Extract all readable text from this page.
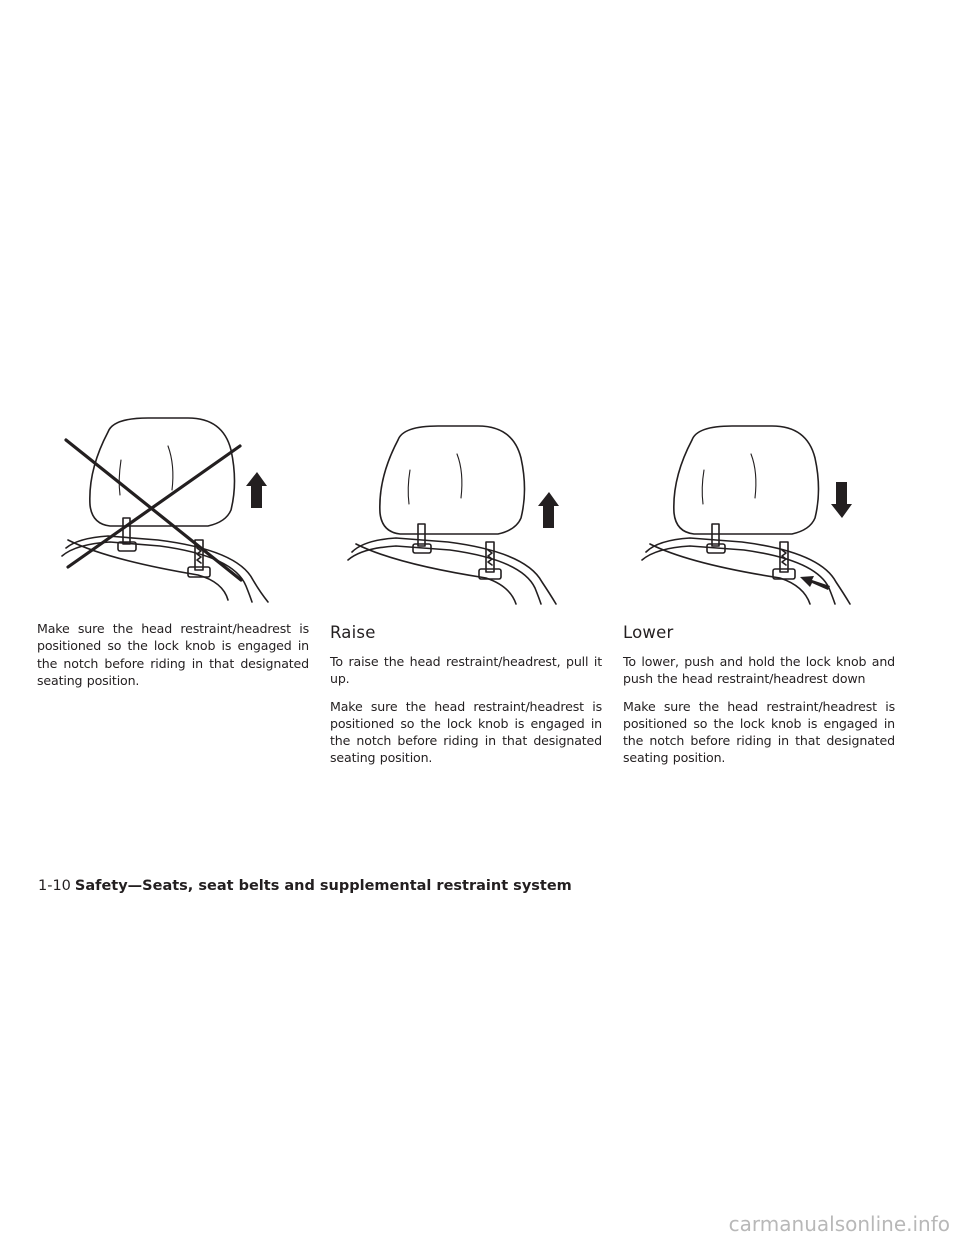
Make sure the head restraint/headrest is positioned so the lock knob is engaged in the notch before riding in that designated seating position.

Raise

To raise the head restraint/headrest, pull it up.

Make sure the head restraint/headrest is positioned so the lock knob is engaged in the notch before riding in that designated seating position.

Lower

To lower, push and hold the lock knob and push the head restraint/headrest down

Make sure the head restraint/headrest is positioned so the lock knob is engaged in the notch before riding in that designated seating position.

1-10 Safety—Seats, seat belts and supplemental restraint system
carmanualsonline.info
